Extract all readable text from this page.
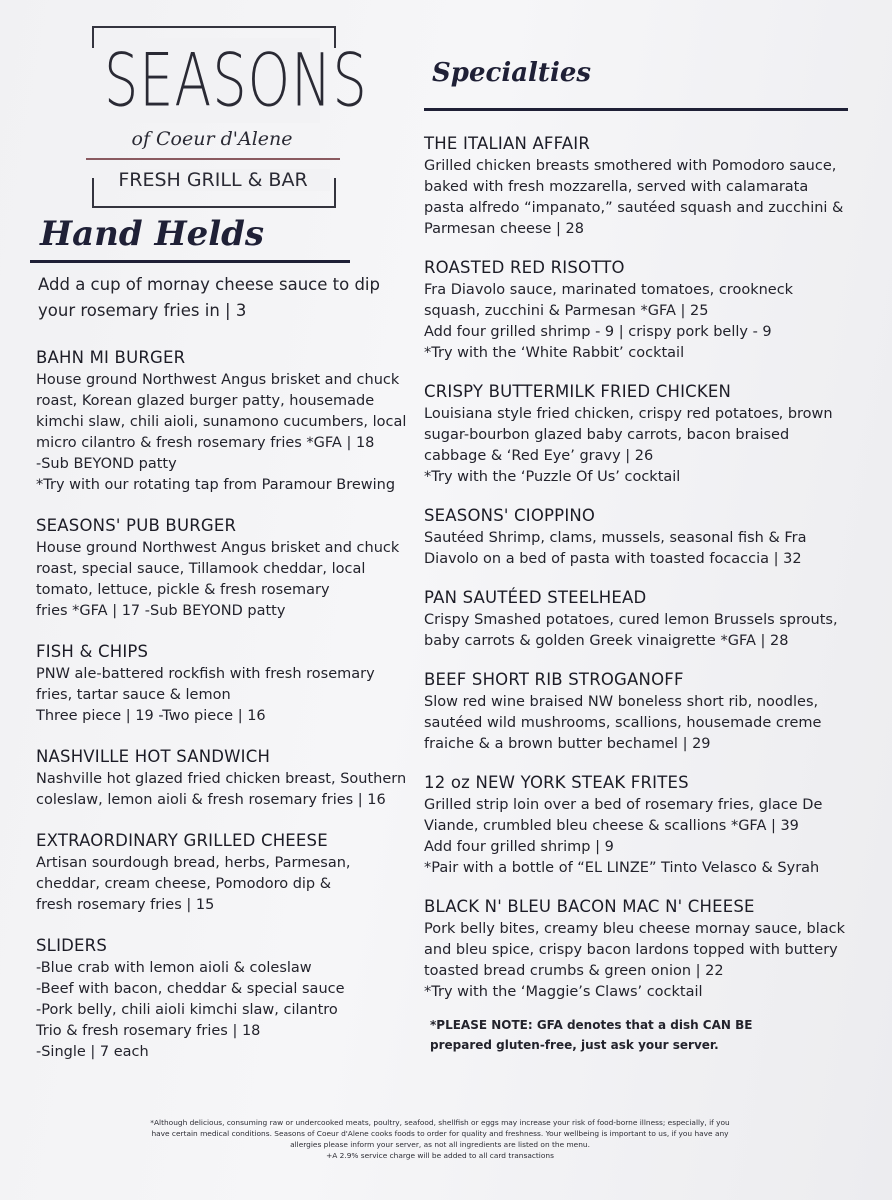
SEASONS
of Coeur d'Alene
FRESH GRILL & BAR
Hand Helds
Specialties
Add a cup of mornay cheese sauce to dip your rosemary fries in | 3
BAHN MI BURGER
House ground Northwest Angus brisket and chuck
roast, Korean glazed burger patty, housemade
kimchi slaw, chili aioli, sunamono cucumbers, local
micro cilantro & fresh rosemary fries *GFA | 18
-Sub BEYOND patty
*Try with our rotating tap from Paramour Brewing
SEASONS' PUB BURGER
House ground Northwest Angus brisket and chuck
roast, special sauce, Tillamook cheddar, local
tomato, lettuce, pickle & fresh rosemary
fries *GFA | 17 -Sub BEYOND patty
FISH & CHIPS
PNW ale-battered rockfish with fresh rosemary
fries, tartar sauce & lemon
Three piece | 19 -Two piece | 16
NASHVILLE HOT SANDWICH
Nashville hot glazed fried chicken breast, Southern
coleslaw, lemon aioli & fresh rosemary fries | 16
EXTRAORDINARY GRILLED CHEESE
Artisan sourdough bread, herbs, Parmesan,
cheddar, cream cheese, Pomodoro dip &
fresh rosemary fries | 15
SLIDERS
-Blue crab with lemon aioli & coleslaw
-Beef with bacon, cheddar & special sauce
-Pork belly, chili aioli kimchi slaw, cilantro
Trio & fresh rosemary fries | 18
-Single | 7 each
THE ITALIAN AFFAIR
Grilled chicken breasts smothered with Pomodoro sauce,
baked with fresh mozzarella, served with calamarata
pasta alfredo “impanato,” sautéed squash and zucchini &
Parmesan cheese | 28
ROASTED RED RISOTTO
Fra Diavolo sauce, marinated tomatoes, crookneck
squash, zucchini & Parmesan *GFA | 25
Add four grilled shrimp - 9 | crispy pork belly - 9
*Try with the ‘White Rabbit’ cocktail
CRISPY BUTTERMILK FRIED CHICKEN
Louisiana style fried chicken, crispy red potatoes, brown
sugar-bourbon glazed baby carrots, bacon braised
cabbage & ‘Red Eye’ gravy | 26
*Try with the ‘Puzzle Of Us’ cocktail
SEASONS' CIOPPINO
Sautéed Shrimp, clams, mussels, seasonal fish & Fra
Diavolo on a bed of pasta with toasted focaccia | 32
PAN SAUTÉED STEELHEAD
Crispy Smashed potatoes, cured lemon Brussels sprouts,
baby carrots & golden Greek vinaigrette *GFA | 28
BEEF SHORT RIB STROGANOFF
Slow red wine braised NW boneless short rib, noodles,
sautéed wild mushrooms, scallions, housemade creme
fraiche & a brown butter bechamel | 29
12 oz NEW YORK STEAK FRITES
Grilled strip loin over a bed of rosemary fries, glace De
Viande, crumbled bleu cheese & scallions *GFA | 39
Add four grilled shrimp | 9
*Pair with a bottle of “EL LINZE” Tinto Velasco & Syrah
BLACK N' BLEU BACON MAC N' CHEESE
Pork belly bites, creamy bleu cheese mornay sauce, black
and bleu spice, crispy bacon lardons topped with buttery
toasted bread crumbs & green onion | 22
*Try with the ‘Maggie’s Claws’ cocktail
*PLEASE NOTE: GFA denotes that a dish CAN BE
prepared gluten-free, just ask your server.
*Although delicious, consuming raw or undercooked meats, poultry, seafood, shellfish or eggs may increase your risk of food-borne illness; especially, if you
have certain medical conditions. Seasons of Coeur d'Alene cooks foods to order for quality and freshness. Your wellbeing is important to us, if you have any
allergies please inform your server, as not all ingredients are listed on the menu.
+A 2.9% service charge will be added to all card transactions
